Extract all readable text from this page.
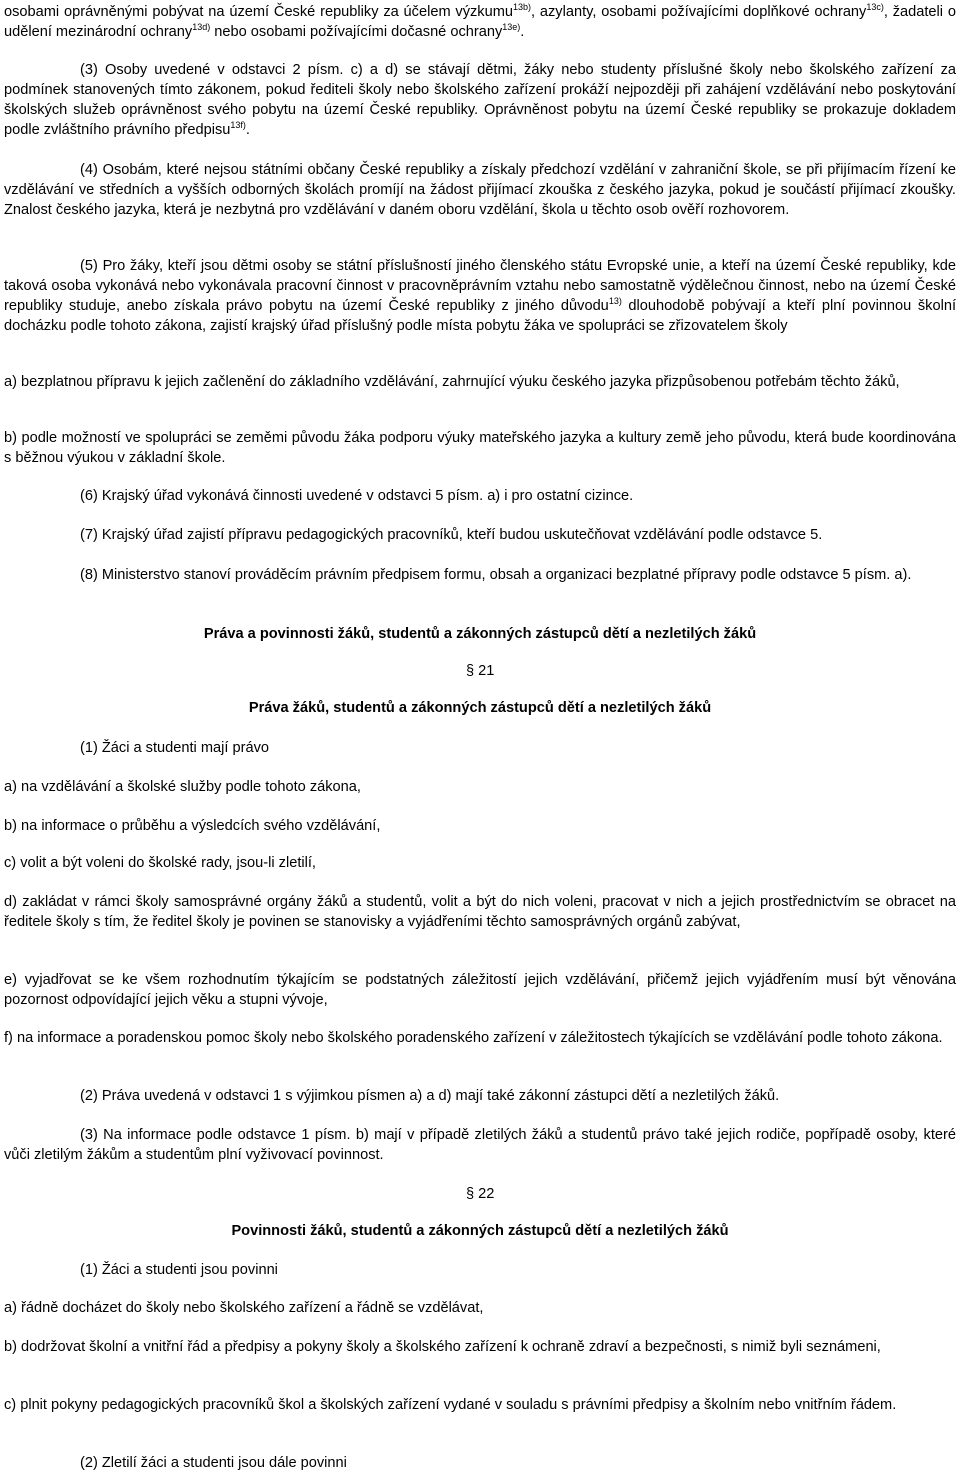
osobami oprávněnými pobývat na území České republiky za účelem výzkumu$^{13b)}$, azylanty, osobami požívajícími doplňkové ochrany$^{13c)}$, žadateli o udělení mezinárodní ochrany$^{13d)}$ nebo osobami požívajícími dočasné ochrany$^{13e)}$.

(3) Osoby uvedené v odstavci 2 písm. c) a d) se stávají dětmi, žáky nebo studenty příslušné školy nebo školského zařízení za podmínek stanovených tímto zákonem, pokud řediteli školy nebo školského zařízení prokáží nejpozději při zahájení vzdělávání nebo poskytování školských služeb oprávněnost svého pobytu na území České republiky. Oprávněnost pobytu na území České republiky se prokazuje dokladem podle zvláštního právního předpisu$^{13f)}$.

(4) Osobám, které nejsou státními občany České republiky a získaly předchozí vzdělání v zahraniční škole, se při přijímacím řízení ke vzdělávání ve středních a vyšších odborných školách promíjí na žádost přijímací zkouška z českého jazyka, pokud je součástí přijímací zkoušky. Znalost českého jazyka, která je nezbytná pro vzdělávání v daném oboru vzdělání, škola u těchto osob ověří rozhovorem.

(5) Pro žáky, kteří jsou dětmi osoby se státní příslušností jiného členského státu Evropské unie, a kteří na území České republiky, kde taková osoba vykonává nebo vykonávala pracovní činnost v pracovněprávním vztahu nebo samostatně výdělečnou činnost, nebo na území České republiky studuje, anebo získala právo pobytu na území České republiky z jiného důvodu$^{13)}$ dlouhodobě pobývají a kteří plní povinnou školní docházku podle tohoto zákona, zajistí krajský úřad příslušný podle místa pobytu žáka ve spolupráci se zřizovatelem školy

a) bezplatnou přípravu k jejich začlenění do základního vzdělávání, zahrnující výuku českého jazyka přizpůsobenou potřebám těchto žáků,

b) podle možností ve spolupráci se zeměmi původu žáka podporu výuky mateřského jazyka a kultury země jeho původu, která bude koordinována s běžnou výukou v základní škole.

(6) Krajský úřad vykonává činnosti uvedené v odstavci 5 písm. a) i pro ostatní cizince.

(7) Krajský úřad zajistí přípravu pedagogických pracovníků, kteří budou uskutečňovat vzdělávání podle odstavce 5.

(8) Ministerstvo stanoví prováděcím právním předpisem formu, obsah a organizaci bezplatné přípravy podle odstavce 5 písm. a).

Práva a povinnosti žáků, studentů a zákonných zástupců dětí a nezletilých žáků

§ 21

Práva žáků, studentů a zákonných zástupců dětí a nezletilých žáků

(1) Žáci a studenti mají právo

a) na vzdělávání a školské služby podle tohoto zákona,

b) na informace o průběhu a výsledcích svého vzdělávání,

c) volit a být voleni do školské rady, jsou-li zletilí,

d) zakládat v rámci školy samosprávné orgány žáků a studentů, volit a být do nich voleni, pracovat v nich a jejich prostřednictvím se obracet na ředitele školy s tím, že ředitel školy je povinen se stanovisky a vyjádřeními těchto samosprávných orgánů zabývat,

e) vyjadřovat se ke všem rozhodnutím týkajícím se podstatných záležitostí jejich vzdělávání, přičemž jejich vyjádřením musí být věnována pozornost odpovídající jejich věku a stupni vývoje,

f) na informace a poradenskou pomoc školy nebo školského poradenského zařízení v záležitostech týkajících se vzdělávání podle tohoto zákona.

(2) Práva uvedená v odstavci 1 s výjimkou písmen a) a d) mají také zákonní zástupci dětí a nezletilých žáků.

(3) Na informace podle odstavce 1 písm. b) mají v případě zletilých žáků a studentů právo také jejich rodiče, popřípadě osoby, které vůči zletilým žákům a studentům plní vyživovací povinnost.

§ 22

Povinnosti žáků, studentů a zákonných zástupců dětí a nezletilých žáků

(1) Žáci a studenti jsou povinni

a) řádně docházet do školy nebo školského zařízení a řádně se vzdělávat,

b) dodržovat školní a vnitřní řád a předpisy a pokyny školy a školského zařízení k ochraně zdraví a bezpečnosti, s nimiž byli seznámeni,

c) plnit pokyny pedagogických pracovníků škol a školských zařízení vydané v souladu s právními předpisy a školním nebo vnitřním řádem.

(2) Zletilí žáci a studenti jsou dále povinni
